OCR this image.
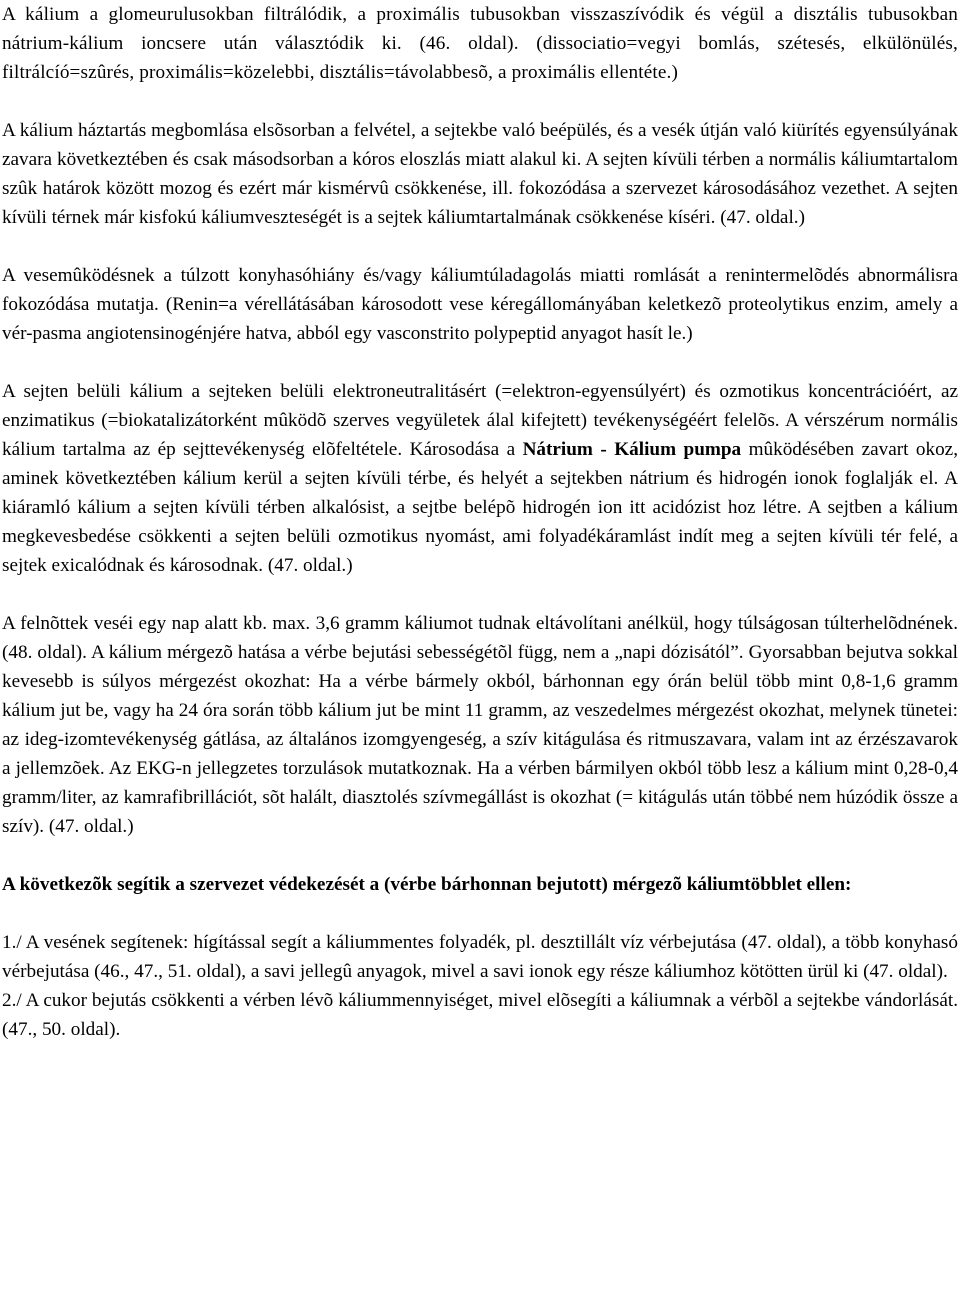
A kálium a glomeurulusokban filtrálódik, a proximális tubusokban visszaszívódik és végül a disztális tubusokban nátrium-kálium ioncsere után választódik ki. (46. oldal). (dissociatio=vegyi bomlás, szétesés, elkülönülés, filtrálcíó=szûrés, proximális=közelebbi, disztális=távolabbesõ, a proximális ellentéte.)

A kálium háztartás megbomlása elsõsorban a felvétel, a sejtekbe való beépülés, és a vesék útján való kiürítés egyensúlyának zavara következtében és csak másodsorban a kóros eloszlás miatt alakul ki. A sejten kívüli térben a normális káliumtartalom szûk határok között mozog és ezért már kismérvû csökkenése, ill. fokozódása a szervezet károsodásához vezethet. A sejten kívüli térnek már kisfokú káliumveszteségét is a sejtek káliumtartalmának csökkenése kíséri. (47. oldal.)

A vesemûködésnek a túlzott konyhasóhiány és/vagy káliumtúladagolás miatti romlását a renintermelõdés abnormálisra fokozódása mutatja. (Renin=a vérellátásában károsodott vese kéregállományában keletkezõ proteolytikus enzim, amely a vér-pasma angiotensinogénjére hatva, abból egy vasconstrito polypeptid anyagot hasít le.)

A sejten belüli kálium a sejteken belüli elektroneutralitásért (=elektron-egyensúlyért) és ozmotikus koncentrációért, az enzimatikus (=biokatalizátorként mûködõ szerves vegyületek álal kifejtett) tevékenységéért felelõs. A vérszérum normális kálium tartalma az ép sejttevékenység elõfeltétele. Károsodása a Nátrium - Kálium pumpa mûködésében zavart okoz, aminek következtében kálium kerül a sejten kívüli térbe, és helyét a sejtekben nátrium és hidrogén ionok foglalják el. A kiáramló kálium a sejten kívüli térben alkalósist, a sejtbe belépõ hidrogén ion itt acidózist hoz létre. A sejtben a kálium megkevesbedése csökkenti a sejten belüli ozmotikus nyomást, ami folyadékáramlást indít meg a sejten kívüli tér felé, a sejtek exicalódnak és károsodnak. (47. oldal.)

A felnõttek veséi egy nap alatt kb. max. 3,6 gramm káliumot tudnak eltávolítani anélkül, hogy túlságosan túlterhelõdnének. (48. oldal). A kálium mérgezõ hatása a vérbe bejutási sebességétõl függ, nem a „napi dózisától”. Gyorsabban bejutva sokkal kevesebb is súlyos mérgezést okozhat: Ha a vérbe bármely okból, bárhonnan egy órán belül több mint 0,8-1,6 gramm kálium jut be, vagy ha 24 óra során több kálium jut be mint 11 gramm, az veszedelmes mérgezést okozhat, melynek tünetei: az ideg-izomtevékenység gátlása, az általános izomgyengeség, a szív kitágulása és ritmuszavara, valam int az érzészavarok a jellemzõek. Az EKG-n jellegzetes torzulások mutatkoznak. Ha a vérben bármilyen okból több lesz a kálium mint 0,28-0,4 gramm/liter, az kamrafibrillációt, sõt halált, diasztolés szívmegállást is okozhat (= kitágulás után többé nem húzódik össze a szív). (47. oldal.)

A következõk segítik a szervezet védekezését a (vérbe bárhonnan bejutott) mérgezõ káliumtöbblet ellen:

1./ A vesének segítenek: hígítással segít a káliummentes folyadék, pl. desztillált víz vérbejutása (47. oldal), a több konyhasó vérbejutása (46., 47., 51. oldal), a savi jellegû anyagok, mivel a savi ionok egy része káliumhoz kötötten ürül ki (47. oldal).

2./ A cukor bejutás csökkenti a vérben lévõ káliummennyiséget, mivel elõsegíti a káliumnak a vérbõl a sejtekbe vándorlását. (47., 50. oldal).
